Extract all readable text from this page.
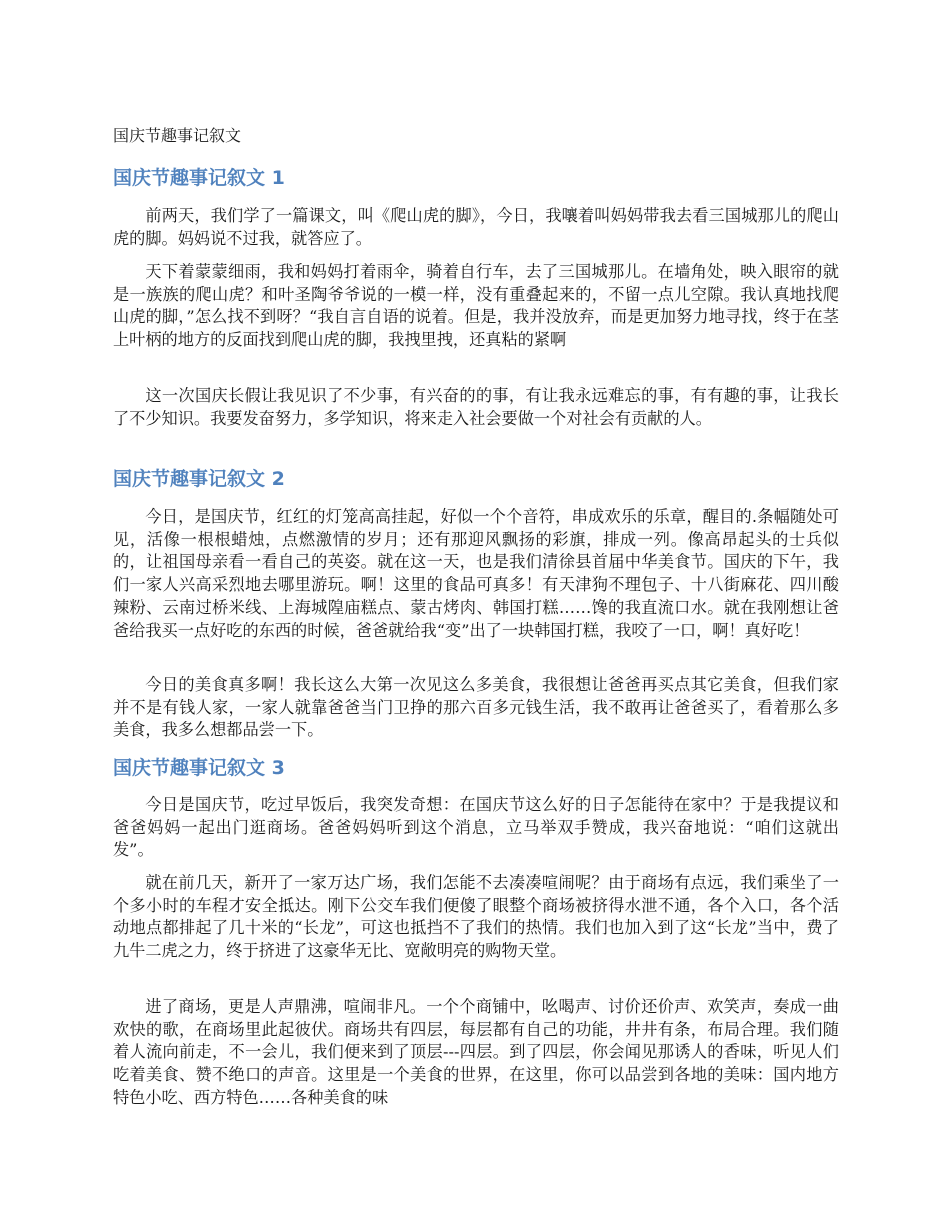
国庆节趣事记叙文
国庆节趣事记叙文 1

前两天，我们学了一篇课文，叫《爬山虎的脚》，今日，我嚷着叫妈妈带我去看三国城那儿的爬山虎的脚。妈妈说不过我，就答应了。

天下着蒙蒙细雨，我和妈妈打着雨伞，骑着自行车，去了三国城那儿。在墙角处，映入眼帘的就是一族族的爬山虎？和叶圣陶爷爷说的一模一样，没有重叠起来的，不留一点儿空隙。我认真地找爬山虎的脚，”怎么找不到呀？“我自言自语的说着。但是，我并没放弃，而是更加努力地寻找，终于在茎上叶柄的地方的反面找到爬山虎的脚，我拽里拽，还真粘的紧啊

这一次国庆长假让我见识了不少事，有兴奋的的事，有让我永远难忘的事，有有趣的事，让我长了不少知识。我要发奋努力，多学知识，将来走入社会要做一个对社会有贡献的人。

国庆节趣事记叙文 2

今日，是国庆节，红红的灯笼高高挂起，好似一个个音符，串成欢乐的乐章，醒目的.条幅随处可见，活像一根根蜡烛，点燃激情的岁月；还有那迎风飘扬的彩旗，排成一列。像高昂起头的士兵似的，让祖国母亲看一看自己的英姿。就在这一天，也是我们清徐县首届中华美食节。国庆的下午，我们一家人兴高采烈地去哪里游玩。啊！这里的食品可真多！有天津狗不理包子、十八街麻花、四川酸辣粉、云南过桥米线、上海城隍庙糕点、蒙古烤肉、韩国打糕……馋的我直流口水。就在我刚想让爸爸给我买一点好吃的东西的时候，爸爸就给我“变”出了一块韩国打糕，我咬了一口，啊！真好吃！

今日的美食真多啊！我长这么大第一次见这么多美食，我很想让爸爸再买点其它美食，但我们家并不是有钱人家，一家人就靠爸爸当门卫挣的那六百多元钱生活，我不敢再让爸爸买了，看着那么多美食，我多么想都品尝一下。

国庆节趣事记叙文 3

今日是国庆节，吃过早饭后，我突发奇想：在国庆节这么好的日子怎能待在家中？于是我提议和爸爸妈妈一起出门逛商场。爸爸妈妈听到这个消息，立马举双手赞成，我兴奋地说：“咱们这就出发”。

就在前几天，新开了一家万达广场，我们怎能不去凑凑喧闹呢？由于商场有点远，我们乘坐了一个多小时的车程才安全抵达。刚下公交车我们便傻了眼整个商场被挤得水泄不通，各个入口，各个活动地点都排起了几十米的“长龙”，可这也抵挡不了我们的热情。我们也加入到了这“长龙”当中，费了九牛二虎之力，终于挤进了这豪华无比、宽敞明亮的购物天堂。

进了商场，更是人声鼎沸，喧闹非凡。一个个商铺中，吆喝声、讨价还价声、欢笑声，奏成一曲欢快的歌，在商场里此起彼伏。商场共有四层，每层都有自己的功能，井井有条，布局合理。我们随着人流向前走，不一会儿，我们便来到了顶层---四层。到了四层，你会闻见那诱人的香味，听见人们吃着美食、赞不绝口的声音。这里是一个美食的世界，在这里，你可以品尝到各地的美味：国内地方特色小吃、西方特色……各种美食的味
